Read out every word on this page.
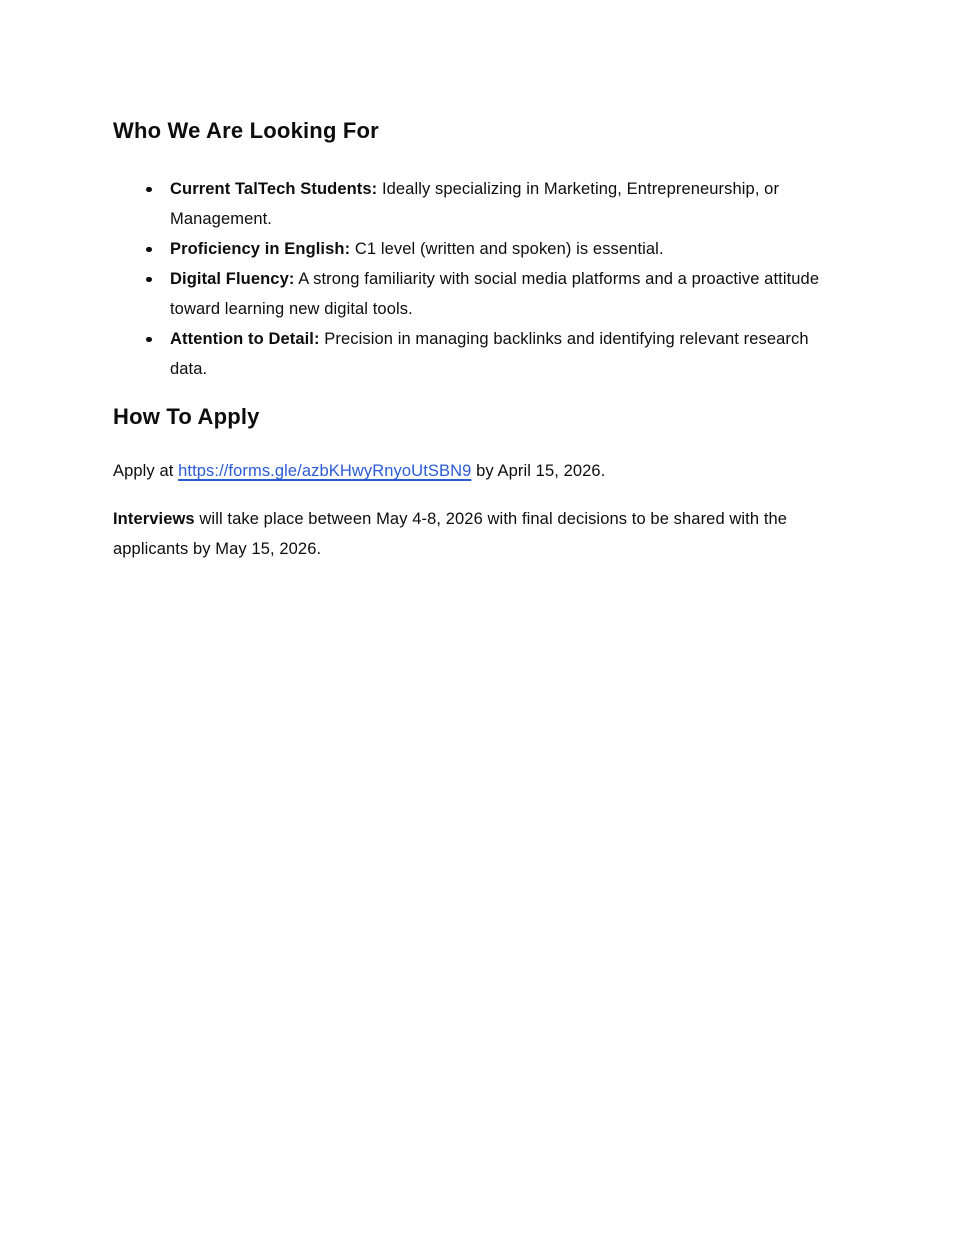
Who We Are Looking For
Current TalTech Students: Ideally specializing in Marketing, Entrepreneurship, or Management.
Proficiency in English: C1 level (written and spoken) is essential.
Digital Fluency: A strong familiarity with social media platforms and a proactive attitude toward learning new digital tools.
Attention to Detail: Precision in managing backlinks and identifying relevant research data.
How To Apply

Apply at https://forms.gle/azbKHwyRnyoUtSBN9 by April 15, 2026.

Interviews will take place between May 4-8, 2026 with final decisions to be shared with the applicants by May 15, 2026.
